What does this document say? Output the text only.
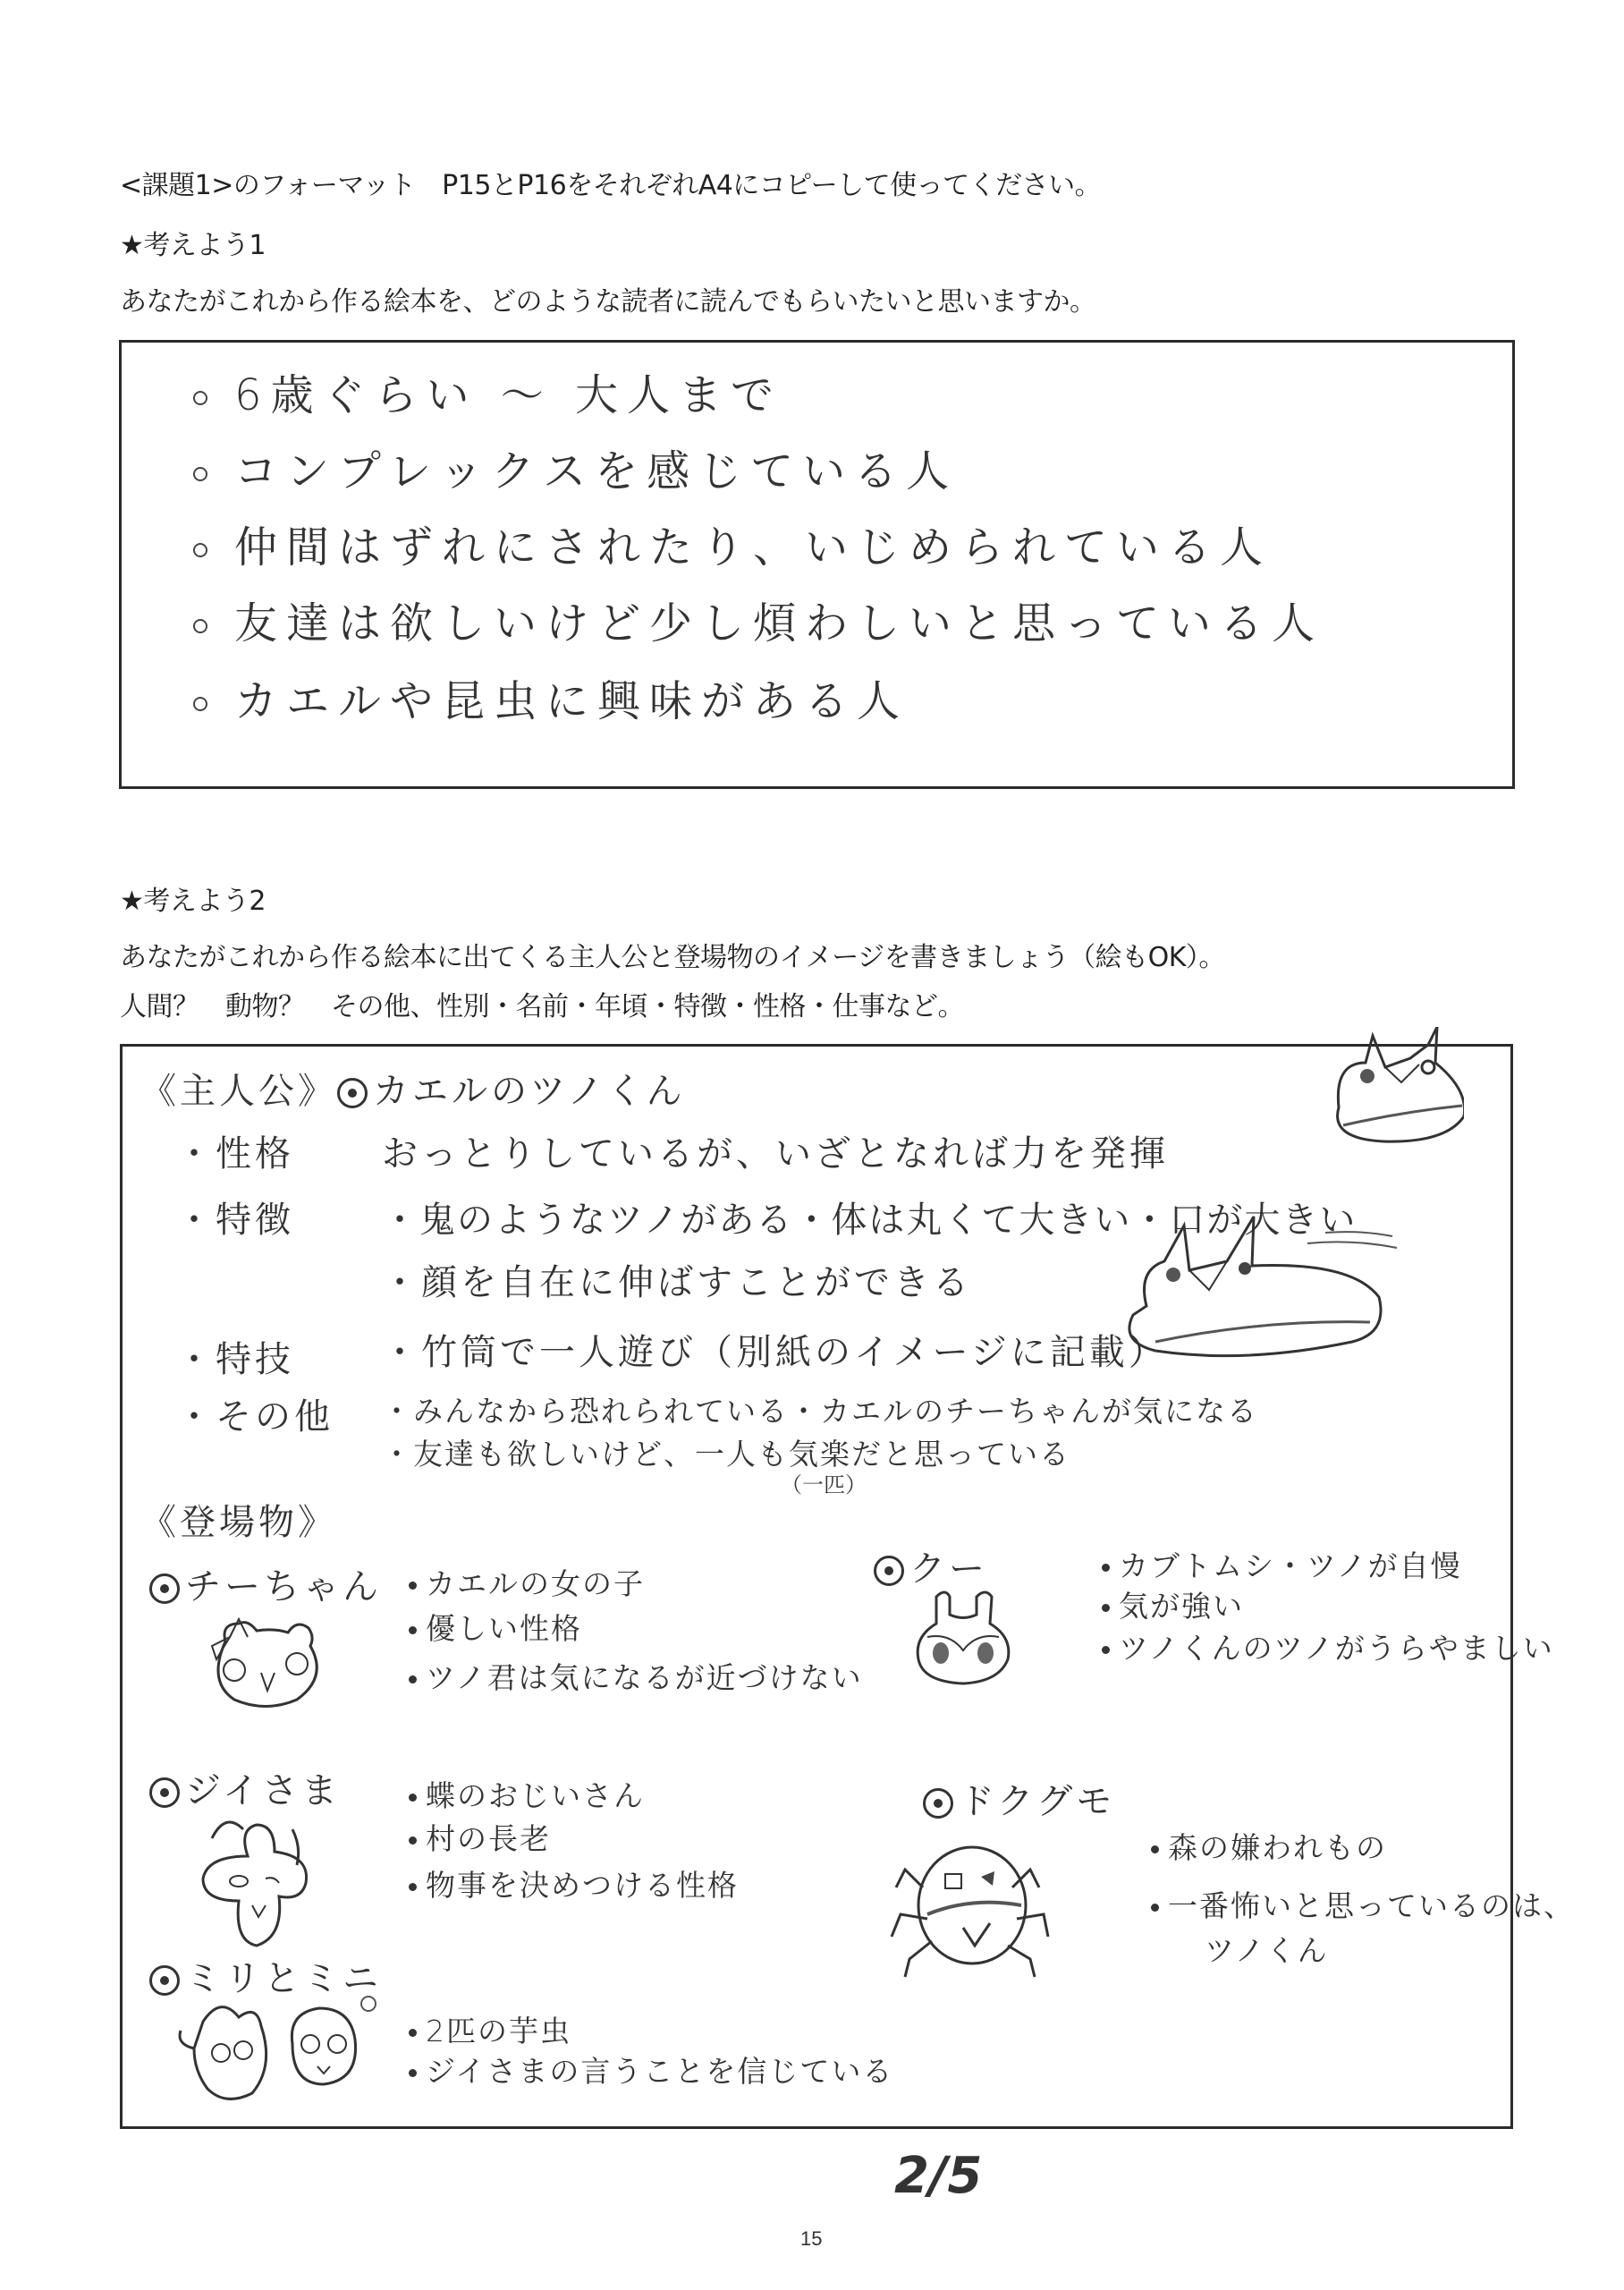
<課題1>のフォーマット　P15とP16をそれぞれA4にコピーして使ってください。
★考えよう1
あなたがこれから作る絵本を、どのような読者に読んでもらいたいと思いますか。
6歳ぐらい ～ 大人まで
コンプレックスを感じている人
仲間はずれにされたり、いじめられている人
友達は欲しいけど少し煩わしいと思っている人
カエルや昆虫に興味がある人
★考えよう2
あなたがこれから作る絵本に出てくる主人公と登場物のイメージを書きましょう（絵もOK）。
人間？　動物？　その他、性別・名前・年頃・特徴・性格・仕事など。
《主人公》 カエルのツノくん
・性格 おっとりしているが、いざとなれば力を発揮
・特徴 ・鬼のようなツノがある・体は丸くて大きい・口が大きい
・顔を自在に伸ばすことができる
・特技 ・竹筒で一人遊び（別紙のイメージに記載）
・その他 ・みんなから恐れられている・カエルのチーちゃんが気になる
・友達も欲しいけど、一人も気楽だと思っている
（一匹）
《登場物》
チーちゃん	カエルの女の子
優しい性格
ツノ君は気になるが近づけない
クー	カブトムシ・ツノが自慢
気が強い
ツノくんのツノがうらやましい
ジイさま	蝶のおじいさん
村の長老
物事を決めつける性格
ドクグモ
森の嫌われもの
一番怖いと思っているのは、
ツノくん
ミリとミニ
2匹の芋虫
ジイさまの言うことを信じている
2/5
15
